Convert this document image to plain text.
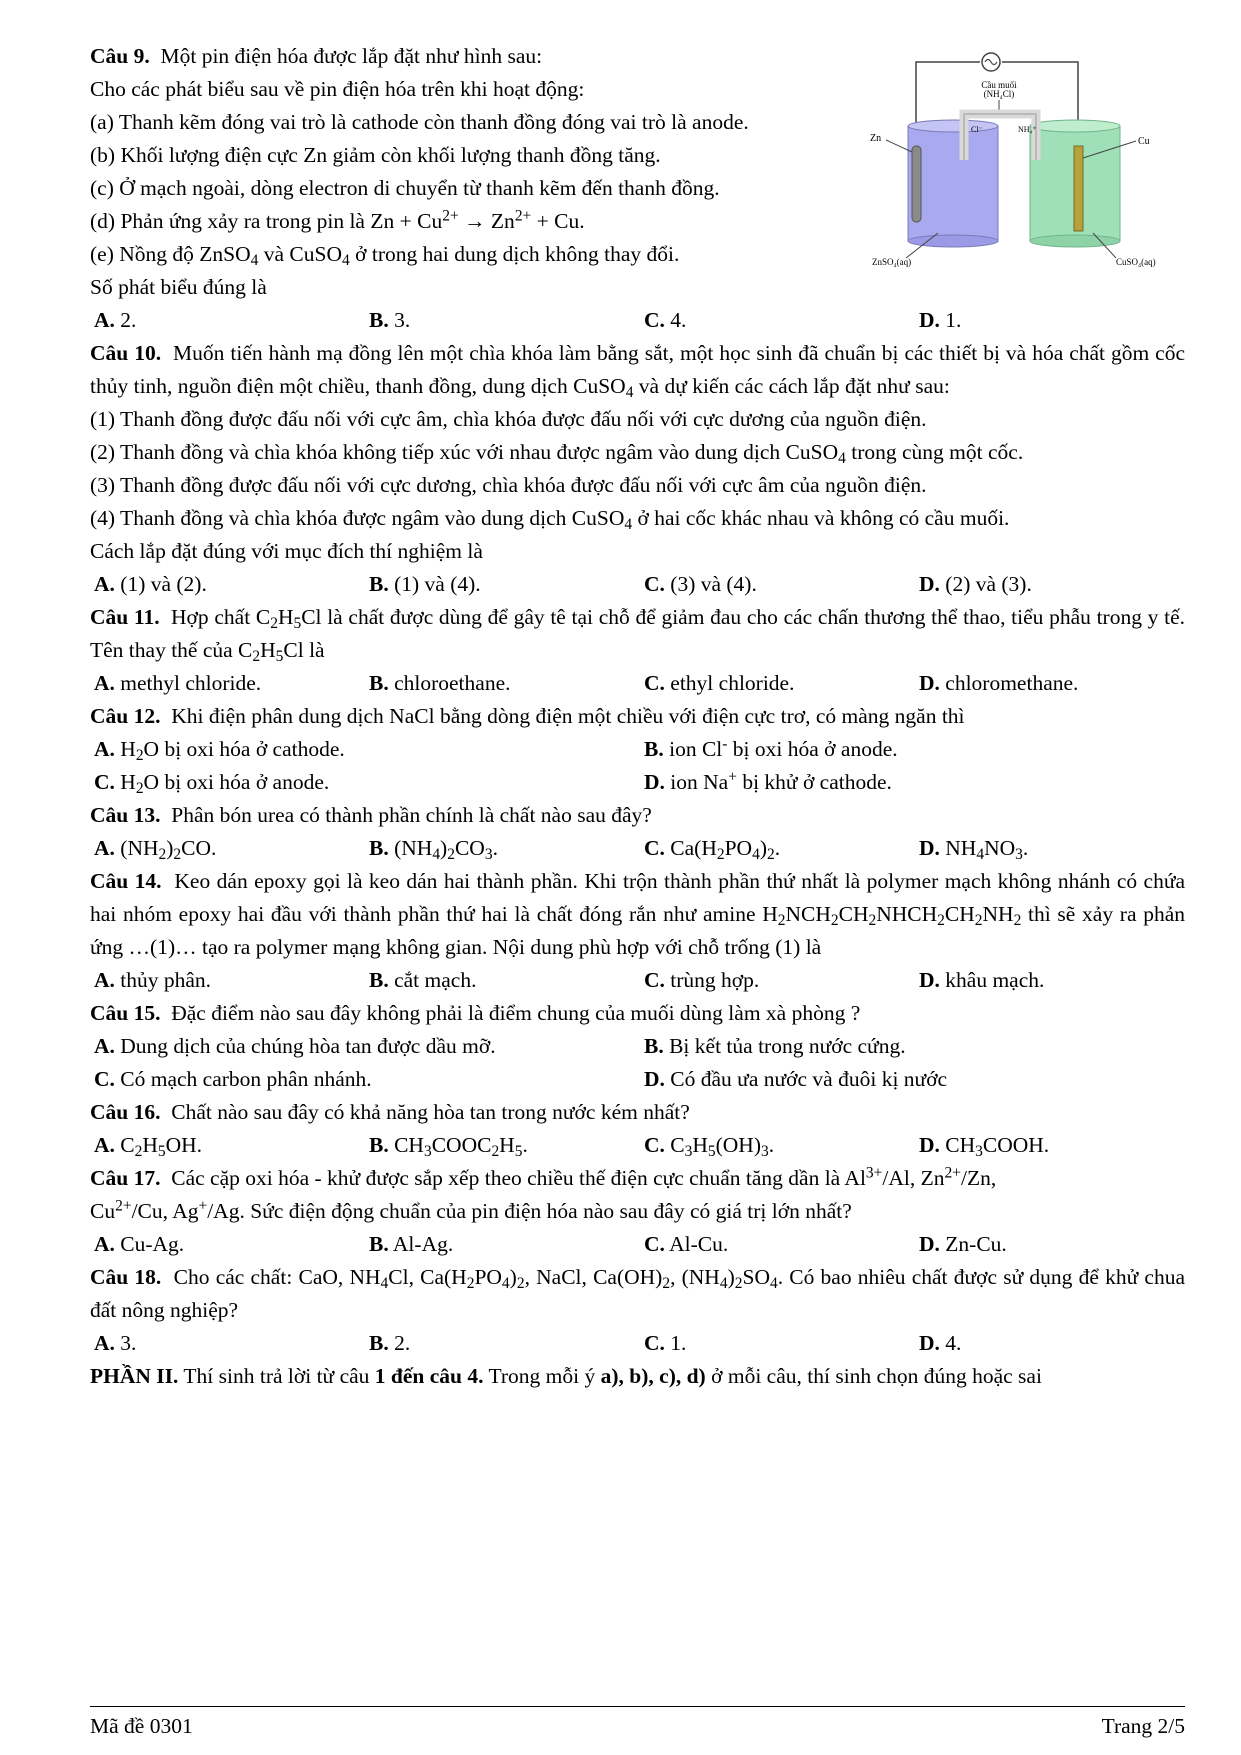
Cầu muối
(NH₄Cl)
Cl⁻	NH₄⁺
Zn	Cu
ZnSO₄(aq)	CuSO₄(aq)
Câu 9. Một pin điện hóa được lắp đặt như hình sau:
Cho các phát biểu sau về pin điện hóa trên khi hoạt động:
(a) Thanh kẽm đóng vai trò là cathode còn thanh đồng đóng vai trò là anode.
(b) Khối lượng điện cực Zn giảm còn khối lượng thanh đồng tăng.
(c) Ở mạch ngoài, dòng electron di chuyển từ thanh kẽm đến thanh đồng.
(d) Phản ứng xảy ra trong pin là $Zn + Cu^{2+} \to Zn^{2+} + Cu$.
(e) Nồng độ ZnSO$_4$ và CuSO$_4$ ở trong hai dung dịch không thay đổi.
Số phát biểu đúng là
A. 2.	B. 3.	C. 4.	D. 1.
Câu 10. Muốn tiến hành mạ đồng lên một chìa khóa làm bằng sắt, một học sinh đã chuẩn bị các thiết bị và hóa chất gồm cốc thủy tinh, nguồn điện một chiều, thanh đồng, dung dịch CuSO$_4$ và dự kiến các cách lắp đặt như sau:
(1) Thanh đồng được đấu nối với cực âm, chìa khóa được đấu nối với cực dương của nguồn điện.
(2) Thanh đồng và chìa khóa không tiếp xúc với nhau được ngâm vào dung dịch CuSO$_4$ trong cùng một cốc.
(3) Thanh đồng được đấu nối với cực dương, chìa khóa được đấu nối với cực âm của nguồn điện.
(4) Thanh đồng và chìa khóa được ngâm vào dung dịch CuSO$_4$ ở hai cốc khác nhau và không có cầu muối.
Cách lắp đặt đúng với mục đích thí nghiệm là
A. (1) và (2).	B. (1) và (4).	C. (3) và (4).	D. (2) và (3).
Câu 11. Hợp chất $C_2H_5Cl$ là chất được dùng để gây tê tại chỗ để giảm đau cho các chấn thương thể thao, tiểu phẫu trong y tế. Tên thay thế của $C_2H_5Cl$ là
A. methyl chloride.	B. chloroethane.	C. ethyl chloride.	D. chloromethane.
Câu 12. Khi điện phân dung dịch NaCl bằng dòng điện một chiều với điện cực trơ, có màng ngăn thì
A. $H_2O$ bị oxi hóa ở cathode.	B. ion Cl- bị oxi hóa ở anode.
C. $H_2O$ bị oxi hóa ở anode.	D. ion Na+ bị khử ở cathode.
Câu 13. Phân bón urea có thành phần chính là chất nào sau đây?
A. $(NH_2)_2CO$.	B. $(NH_4)_2CO_3$.	C. $Ca(H_2PO_4)_2$.	D. $NH_4NO_3$.
Câu 14. Keo dán epoxy gọi là keo dán hai thành phần. Khi trộn thành phần thứ nhất là polymer mạch không nhánh có chứa hai nhóm epoxy hai đầu với thành phần thứ hai là chất đóng rắn như amine $H_2NCH_2CH_2NHCH_2CH_2NH_2$ thì sẽ xảy ra phản ứng …(1)… tạo ra polymer mạng không gian. Nội dung phù hợp với chỗ trống (1) là
A. thủy phân.	B. cắt mạch.	C. trùng hợp.	D. khâu mạch.
Câu 15. Đặc điểm nào sau đây không phải là điểm chung của muối dùng làm xà phòng ?
A. Dung dịch của chúng hòa tan được dầu mỡ.	B. Bị kết tủa trong nước cứng.
C. Có mạch carbon phân nhánh.	D. Có đầu ưa nước và đuôi kị nước
Câu 16. Chất nào sau đây có khả năng hòa tan trong nước kém nhất?
A. $C_2H_5OH$.	B. $CH_3COOC_2H_5$.	C. $C_3H_5(OH)_3$.	D. $CH_3COOH$.
Câu 17. Các cặp oxi hóa - khử được sắp xếp theo chiều thế điện cực chuẩn tăng dần là $Al^{3+}/Al$, $Zn^{2+}/Zn$,
$Cu^{2+}/Cu$, Ag+/Ag. Sức điện động chuẩn của pin điện hóa nào sau đây có giá trị lớn nhất?
A. Cu-Ag.	B. Al-Ag.	C. Al-Cu.	D. Zn-Cu.
Câu 18. Cho các chất: CaO, $NH_4Cl$, $Ca(H_2PO_4)_2$, NaCl, $Ca(OH)_2$, $(NH_4)_2SO_4$. Có bao nhiêu chất được sử dụng để khử chua đất nông nghiệp?
A. 3.	B. 2.	C. 1.	D. 4.
PHẦN II. Thí sinh trả lời từ câu 1 đến câu 4. Trong mỗi ý a), b), c), d) ở mỗi câu, thí sinh chọn đúng hoặc sai
Mã đề 0301	Trang 2/5
